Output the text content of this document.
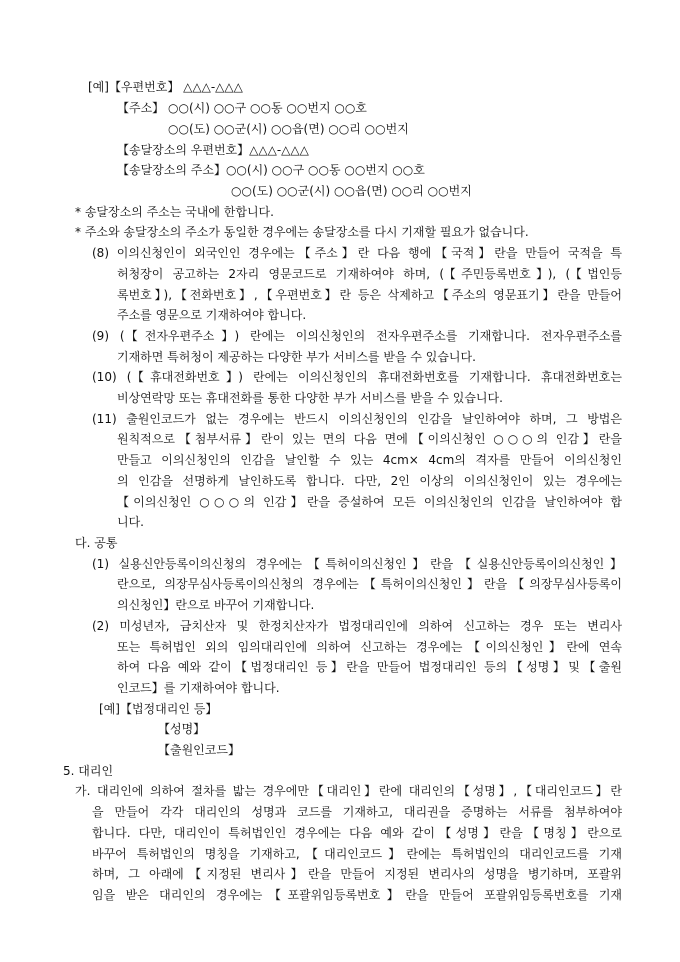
[예]【우편번호】 △△△-△△△
【주소】 ○○(시) ○○구 ○○동 ○○번지 ○○호
○○(도) ○○군(시) ○○읍(면) ○○리 ○○번지
【송달장소의 우편번호】△△△-△△△
【송달장소의 주소】○○(시) ○○구 ○○동 ○○번지 ○○호
○○(도) ○○군(시) ○○읍(면) ○○리 ○○번지
* 송달장소의 주소는 국내에 한합니다.
* 주소와 송달장소의 주소가 동일한 경우에는 송달장소를 다시 기재할 필요가 없습니다.
(8) 이의신청인이 외국인인 경우에는【주소】란 다음 행에【국적】란을 만들어 국적을 특
허청장이 공고하는 2자리 영문코드로 기재하여야 하며, (【주민등록번호】), (【법인등
록번호】),【전화번호】,【우편번호】란 등은 삭제하고【주소의 영문표기】란을 만들어
주소를 영문으로 기재하여야 합니다.
(9) (【전자우편주소】) 란에는 이의신청인의 전자우편주소를 기재합니다. 전자우편주소를
기재하면 특허청이 제공하는 다양한 부가 서비스를 받을 수 있습니다.
(10) (【휴대전화번호】) 란에는 이의신청인의 휴대전화번호를 기재합니다. 휴대전화번호는
비상연락망 또는 휴대전화를 통한 다양한 부가 서비스를 받을 수 있습니다.
(11) 출원인코드가 없는 경우에는 반드시 이의신청인의 인감을 날인하여야 하며, 그 방법은
원칙적으로【첨부서류】란이 있는 면의 다음 면에【이의신청인 ○○○의 인감】란을
만들고 이의신청인의 인감을 날인할 수 있는 4cm× 4cm의 격자를 만들어 이의신청인
의 인감을 선명하게 날인하도록 합니다. 다만, 2인 이상의 이의신청인이 있는 경우에는
【이의신청인 ○○○의 인감】란을 증설하여 모든 이의신청인의 인감을 날인하여야 합
니다.
다. 공통
(1) 실용신안등록이의신청의 경우에는【특허이의신청인】란을【실용신안등록이의신청인】
란으로, 의장무심사등록이의신청의 경우에는【특허이의신청인】란을【의장무심사등록이
의신청인】란으로 바꾸어 기재합니다.
(2) 미성년자, 금치산자 및 한정치산자가 법정대리인에 의하여 신고하는 경우 또는 변리사
또는 특허법인 외의 임의대리인에 의하여 신고하는 경우에는【이의신청인】란에 연속
하여 다음 예와 같이【법정대리인 등】란을 만들어 법정대리인 등의【성명】및【출원
인코드】를 기재하여야 합니다.
[예]【법정대리인 등】
【성명】
【출원인코드】
5. 대리인
가. 대리인에 의하여 절차를 밟는 경우에만【대리인】란에 대리인의【성명】,【대리인코드】란
을 만들어 각각 대리인의 성명과 코드를 기재하고, 대리권을 증명하는 서류를 첨부하여야
합니다. 다만, 대리인이 특허법인인 경우에는 다음 예와 같이【성명】란을【명칭】란으로
바꾸어 특허법인의 명칭을 기재하고,【대리인코드】란에는 특허법인의 대리인코드를 기재
하며, 그 아래에【지정된 변리사】란을 만들어 지정된 변리사의 성명을 병기하며, 포괄위
임을 받은 대리인의 경우에는【포괄위임등록번호】란을 만들어 포괄위임등록번호를 기재
